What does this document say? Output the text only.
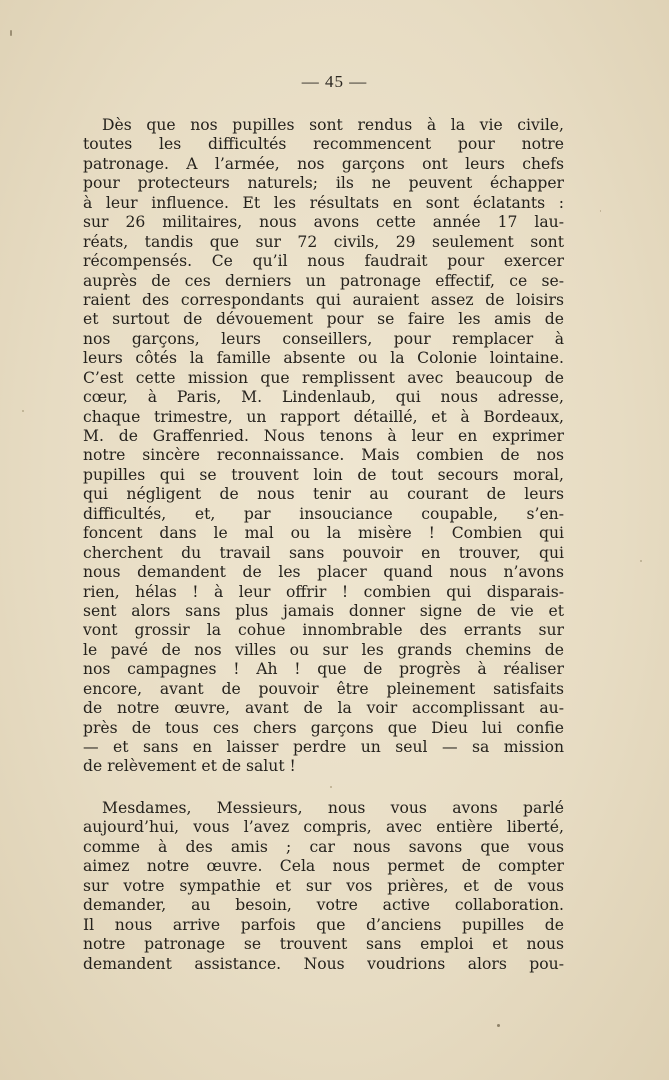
— 45 —
Dès que nos pupilles sont rendus à la vie civile,
toutes les difficultés recommencent pour notre
patronage. A l’armée, nos garçons ont leurs chefs
pour protecteurs naturels; ils ne peuvent échapper
à leur influence. Et les résultats en sont éclatants :
sur 26 militaires, nous avons cette année 17 lau-
réats, tandis que sur 72 civils, 29 seulement sont
récompensés. Ce qu’il nous faudrait pour exercer
auprès de ces derniers un patronage effectif, ce se-
raient des correspondants qui auraient assez de loisirs
et surtout de dévouement pour se faire les amis de
nos garçons, leurs conseillers, pour remplacer à
leurs côtés la famille absente ou la Colonie lointaine.
C’est cette mission que remplissent avec beaucoup de
cœur, à Paris, M. Lindenlaub, qui nous adresse,
chaque trimestre, un rapport détaillé, et à Bordeaux,
M. de Graffenried. Nous tenons à leur en exprimer
notre sincère reconnaissance. Mais combien de nos
pupilles qui se trouvent loin de tout secours moral,
qui négligent de nous tenir au courant de leurs
difficultés, et, par insouciance coupable, s’en-
foncent dans le mal ou la misère ! Combien qui
cherchent du travail sans pouvoir en trouver, qui
nous demandent de les placer quand nous n’avons
rien, hélas ! à leur offrir ! combien qui disparais-
sent alors sans plus jamais donner signe de vie et
vont grossir la cohue innombrable des errants sur
le pavé de nos villes ou sur les grands chemins de
nos campagnes ! Ah ! que de progrès à réaliser
encore, avant de pouvoir être pleinement satisfaits
de notre œuvre, avant de la voir accomplissant au-
près de tous ces chers garçons que Dieu lui confie
— et sans en laisser perdre un seul — sa mission
de relèvement et de salut !
Mesdames, Messieurs, nous vous avons parlé
aujourd’hui, vous l’avez compris, avec entière liberté,
comme à des amis ; car nous savons que vous
aimez notre œuvre. Cela nous permet de compter
sur votre sympathie et sur vos prières, et de vous
demander, au besoin, votre active collaboration.
Il nous arrive parfois que d’anciens pupilles de
notre patronage se trouvent sans emploi et nous
demandent assistance. Nous voudrions alors pou-
